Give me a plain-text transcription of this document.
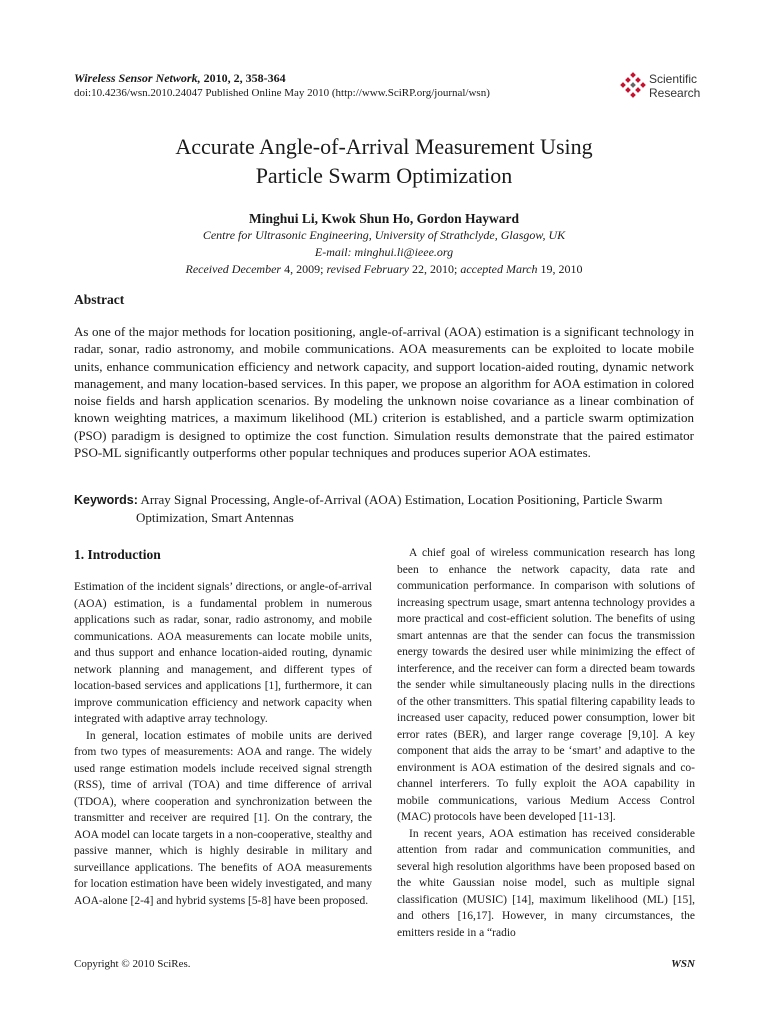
Wireless Sensor Network, 2010, 2, 358-364
doi:10.4236/wsn.2010.24047 Published Online May 2010 (http://www.SciRP.org/journal/wsn)
Scientific
Research
Accurate Angle-of-Arrival Measurement Using
Particle Swarm Optimization
Minghui Li, Kwok Shun Ho, Gordon Hayward
Centre for Ultrasonic Engineering, University of Strathclyde, Glasgow, UK
E-mail: minghui.li@ieee.org
Received December 4, 2009; revised February 22, 2010; accepted March 19, 2010
Abstract
As one of the major methods for location positioning, angle-of-arrival (AOA) estimation is a significant technology in radar, sonar, radio astronomy, and mobile communications. AOA measurements can be exploited to locate mobile units, enhance communication efficiency and network capacity, and support location-aided routing, dynamic network management, and many location-based services. In this paper, we propose an algorithm for AOA estimation in colored noise fields and harsh application scenarios. By modeling the unknown noise covariance as a linear combination of known weighting matrices, a maximum likelihood (ML) criterion is established, and a particle swarm optimization (PSO) paradigm is designed to optimize the cost function. Simulation results demonstrate that the paired estimator PSO-ML significantly outperforms other popular techniques and produces superior AOA estimates.
Keywords: Array Signal Processing, Angle-of-Arrival (AOA) Estimation, Location Positioning, Particle Swarm
Optimization, Smart Antennas
1. Introduction

Estimation of the incident signals’ directions, or angle-of-arrival (AOA) estimation, is a fundamental problem in numerous applications such as radar, sonar, radio astronomy, and mobile communications. AOA measurements can locate mobile units, and thus support and enhance location-aided routing, dynamic network planning and management, and different types of location-based services and applications [1], furthermore, it can improve communication efficiency and network capacity when integrated with adaptive array technology.

In general, location estimates of mobile units are derived from two types of measurements: AOA and range. The widely used range estimation models include received signal strength (RSS), time of arrival (TOA) and time difference of arrival (TDOA), where cooperation and synchronization between the transmitter and receiver are required [1]. On the contrary, the AOA model can locate targets in a non-cooperative, stealthy and passive manner, which is highly desirable in military and surveillance applications. The benefits of AOA measurements for location estimation have been widely investigated, and many AOA-alone [2-4] and hybrid systems [5-8] have been proposed.

A chief goal of wireless communication research has long been to enhance the network capacity, data rate and communication performance. In comparison with solutions of increasing spectrum usage, smart antenna technology provides a more practical and cost-efficient solution. The benefits of using smart antennas are that the sender can focus the transmission energy towards the desired user while minimizing the effect of interference, and the receiver can form a directed beam towards the sender while simultaneously placing nulls in the directions of the other transmitters. This spatial filtering capability leads to increased user capacity, reduced power consumption, lower bit error rates (BER), and larger range coverage [9,10]. A key component that aids the array to be ‘smart’ and adaptive to the environment is AOA estimation of the desired signals and co-channel interferers. To fully exploit the AOA capability in mobile communications, various Medium Access Control (MAC) protocols have been developed [11-13].

In recent years, AOA estimation has received considerable attention from radar and communication communities, and several high resolution algorithms have been proposed based on the white Gaussian noise model, such as multiple signal classification (MUSIC) [14], maximum likelihood (ML) [15], and others [16,17]. However, in many circumstances, the emitters reside in a “radio

Copyright © 2010 SciRes.	WSN
